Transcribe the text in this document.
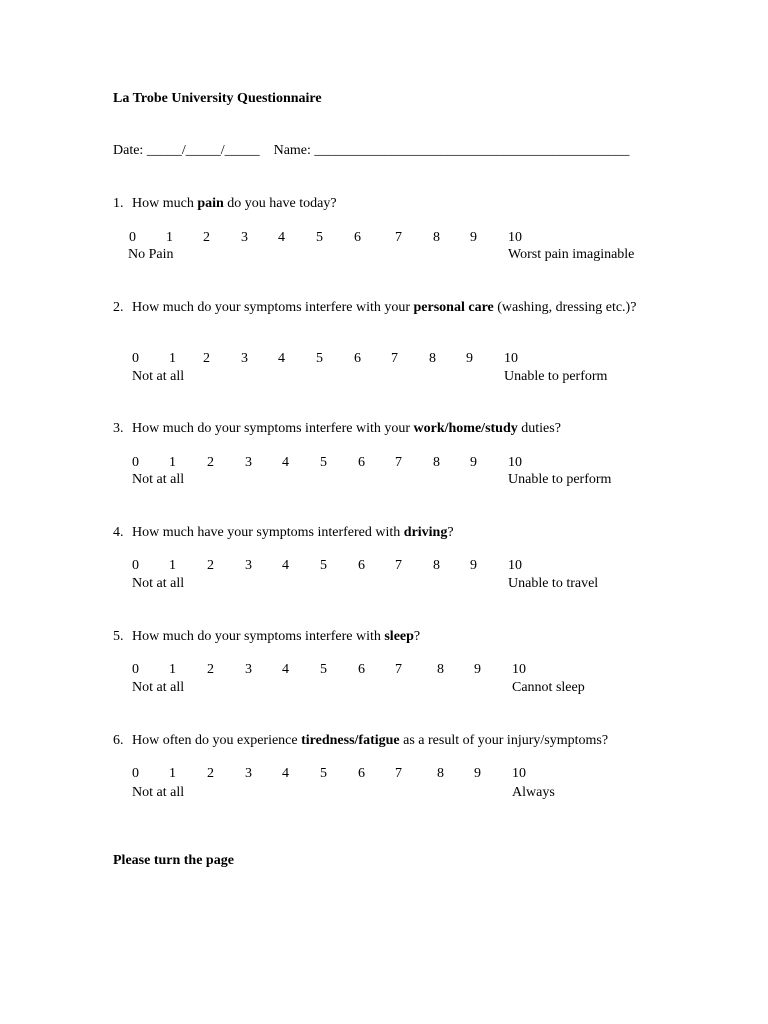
La Trobe University Questionnaire
Date: _____/_____/_____    Name: _____________________________________________
1. How much pain do you have today?
0 1 2 3 4 5 6 7 8 9 10
No Pain	Worst pain imaginable
2. How much do your symptoms interfere with your personal care (washing, dressing etc.)?
0 1 2 3 4 5 6 7 8 9 10
Not at all	Unable to perform
3. How much do your symptoms interfere with your work/home/study duties?
0 1 2 3 4 5 6 7 8 9 10
Not at all	Unable to perform
4. How much have your symptoms interfered with driving?
0 1 2 3 4 5 6 7 8 9 10
Not at all	Unable to travel
5. How much do your symptoms interfere with sleep?
0 1 2 3 4 5 6 7	8 9 10
Not at all	Cannot sleep
6. How often do you experience tiredness/fatigue as a result of your injury/symptoms?
0 1 2 3 4 5 6 7	8 9 10
Not at all	Always
Please turn the page
